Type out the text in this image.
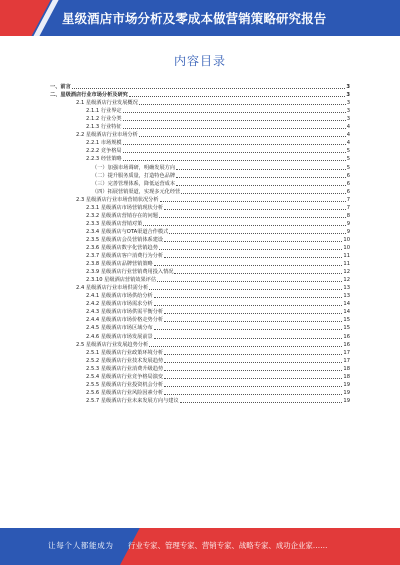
星级酒店市场分析及零成本做营销策略研究报告
内容目录
一、前言	3
二、星级酒店行业市场分析及研究	3
2.1 星级酒店行业发展概况	3
2.1.1 行业界定	3
2.1.2 行业分类	3
2.1.3 行业特征	4
2.2 星级酒店行业市场分析	4
2.2.1 市场规模	4
2.2.2 竞争格局	5
2.2.3 经营策略	5
（一）加强市场调研，明确发展方向	5
（二）提升服务质量，打造特色品牌	6
（三）完善管理体系，降低运营成本	6
（四）拓展营销渠道，实现多元化经营	6
2.3 星级酒店行业市场营销状况分析	7
2.3.1 星级酒店市场营销现状分析	7
2.3.2 星级酒店营销存在的问题	8
2.3.3 星级酒店营销对策	9
2.3.4 星级酒店与OTA渠道合作模式	9
2.3.5 星级酒店会员营销体系建设	10
2.3.6 星级酒店数字化营销趋势	10
2.3.7 星级酒店客户消费行为分析	11
2.3.8 星级酒店品牌营销策略	11
2.3.9 星级酒店行业营销费用投入情况	12
2.3.10 星级酒店营销效果评估	12
2.4 星级酒店行业市场供需分析	13
2.4.1 星级酒店市场供给分析	13
2.4.2 星级酒店市场需求分析	14
2.4.3 星级酒店市场供需平衡分析	14
2.4.4 星级酒店市场价格走势分析	15
2.4.5 星级酒店市场区域分布	15
2.4.6 星级酒店市场发展前景	16
2.5 星级酒店行业发展趋势分析	16
2.5.1 星级酒店行业政策环境分析	17
2.5.2 星级酒店行业技术发展趋势	17
2.5.3 星级酒店行业消费升级趋势	18
2.5.4 星级酒店行业竞争格局演变	18
2.5.5 星级酒店行业投资机会分析	19
2.5.6 星级酒店行业风险因素分析	19
2.5.7 星级酒店行业未来发展方向与建议	19
让每个人都能成为 行业专家、管理专家、营销专家、战略专家、成功企业家……
